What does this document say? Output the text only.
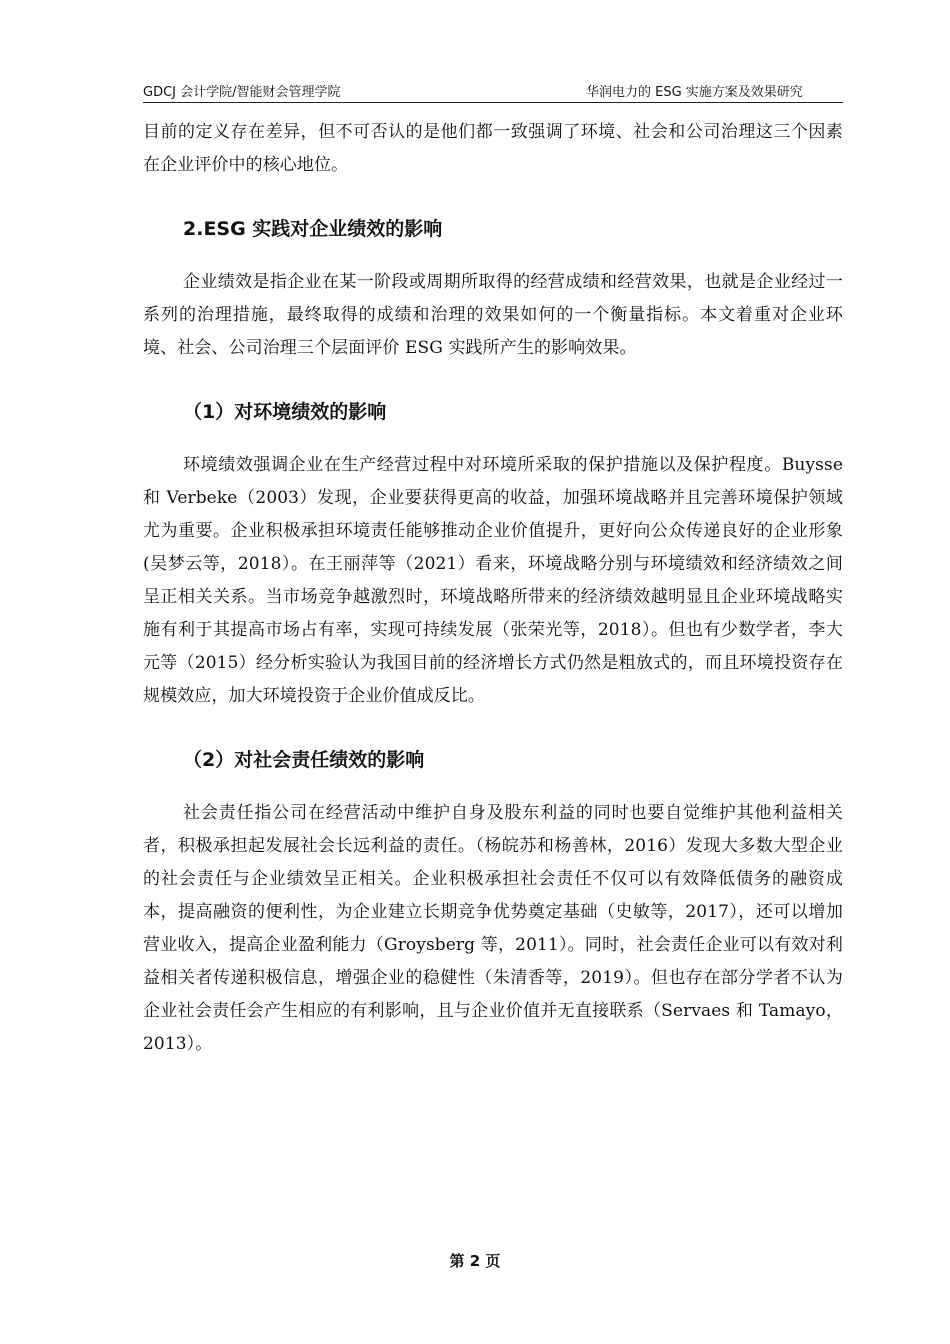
GDCJ 会计学院/智能财会管理学院	华润电力的 ESG 实施方案及效果研究

目前的定义存在差异，但不可否认的是他们都一致强调了环境、社会和公司治理这三个因素在企业评价中的核心地位。

2.ESG 实践对企业绩效的影响

企业绩效是指企业在某一阶段或周期所取得的经营成绩和经营效果，也就是企业经过一系列的治理措施，最终取得的成绩和治理的效果如何的一个衡量指标。本文着重对企业环境、社会、公司治理三个层面评价 ESG 实践所产生的影响效果。

（1）对环境绩效的影响

环境绩效强调企业在生产经营过程中对环境所采取的保护措施以及保护程度。Buysse 和 Verbeke（2003）发现，企业要获得更高的收益，加强环境战略并且完善环境保护领域尤为重要。企业积极承担环境责任能够推动企业价值提升，更好向公众传递良好的企业形象(吴梦云等，2018）。在王丽萍等（2021）看来，环境战略分别与环境绩效和经济绩效之间呈正相关关系。当市场竞争越激烈时，环境战略所带来的经济绩效越明显且企业环境战略实施有利于其提高市场占有率，实现可持续发展（张荣光等，2018）。但也有少数学者，李大元等（2015）经分析实验认为我国目前的经济增长方式仍然是粗放式的，而且环境投资存在规模效应，加大环境投资于企业价值成反比。

（2）对社会责任绩效的影响

社会责任指公司在经营活动中维护自身及股东利益的同时也要自觉维护其他利益相关者，积极承担起发展社会长远利益的责任。（杨皖苏和杨善林，2016）发现大多数大型企业的社会责任与企业绩效呈正相关。企业积极承担社会责任不仅可以有效降低债务的融资成本，提高融资的便利性，为企业建立长期竞争优势奠定基础（史敏等，2017），还可以增加营业收入，提高企业盈利能力（Groysberg 等，2011）。同时，社会责任企业可以有效对利益相关者传递积极信息，增强企业的稳健性（朱清香等，2019）。但也存在部分学者不认为企业社会责任会产生相应的有利影响，且与企业价值并无直接联系（Servaes 和 Tamayo，2013）。

第 2 页
